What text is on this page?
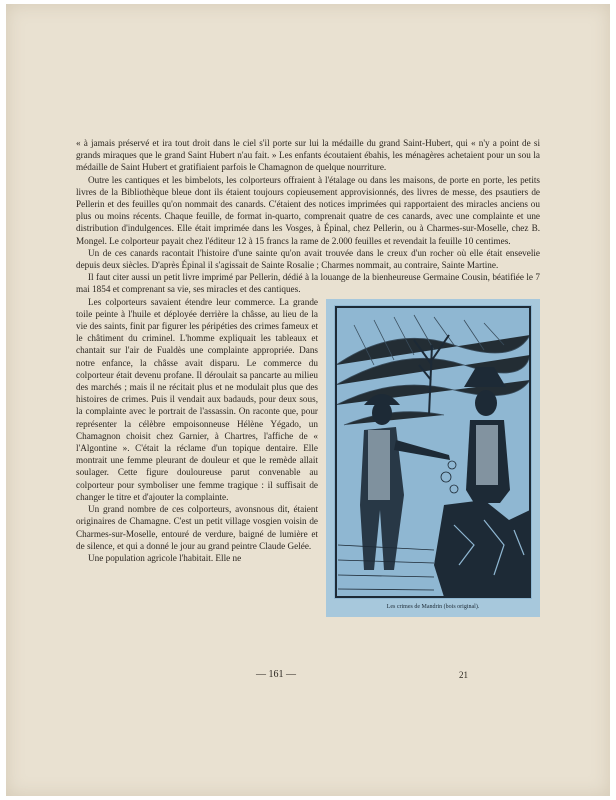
« à jamais préservé et ira tout droit dans le ciel s'il porte sur lui la médaille du grand Saint-Hubert, qui « n'y a point de si grands miraques que le grand Saint Hubert n'au fait. » Les enfants écoutaient ébahis, les ménagères achetaient pour un sou la médaille de Saint Hubert et gratifiaient parfois le Chamagnon de quelque nourriture.

Outre les cantiques et les bimbelots, les colporteurs offraient à l'étalage ou dans les maisons, de porte en porte, les petits livres de la Bibliothèque bleue dont ils étaient toujours copieusement approvisionnés, des livres de messe, des psautiers de Pellerin et des feuilles qu'on nommait des canards. C'étaient des notices imprimées qui rapportaient des miracles anciens ou plus ou moins récents. Chaque feuille, de format in-quarto, comprenait quatre de ces canards, avec une complainte et une distribution d'indulgences. Elle était imprimée dans les Vosges, à Épinal, chez Pellerin, ou à Charmes-sur-Moselle, chez B. Mongel. Le colporteur payait chez l'éditeur 12 à 15 francs la rame de 2.000 feuilles et revendait la feuille 10 centimes.

Un de ces canards racontait l'histoire d'une sainte qu'on avait trouvée dans le creux d'un rocher où elle était ensevelie depuis deux siècles. D'après Épinal il s'agissait de Sainte Rosalie ; Charmes nommait, au contraire, Sainte Martine.

Il faut citer aussi un petit livre imprimé par Pellerin, dédié à la louange de la bienheureuse Germaine Cousin, béatifiée le 7 mai 1854 et comprenant sa vie, ses miracles et des cantiques.

Les crimes de Mandrin (bois original).

Les colporteurs savaient étendre leur commerce. La grande toile peinte à l'huile et déployée derrière la châsse, au lieu de la vie des saints, finit par figurer les péripéties des crimes fameux et le châtiment du criminel. L'homme expliquait les tableaux et chantait sur l'air de Fualdès une complainte appropriée. Dans notre enfance, la châsse avait disparu. Le commerce du colporteur était devenu profane. Il déroulait sa pancarte au milieu des marchés ; mais il ne récitait plus et ne modulait plus que des histoires de crimes. Puis il vendait aux badauds, pour deux sous, la complainte avec le portrait de l'assassin. On raconte que, pour représenter la célèbre empoisonneuse Hélène Yégado, un Chamagnon choisit chez Garnier, à Chartres, l'affiche de « l'Algontine ». C'était la réclame d'un topique dentaire. Elle montrait une femme pleurant de douleur et que le remède allait soulager. Cette figure douloureuse parut convenable au colporteur pour symboliser une femme tragique : il suffisait de changer le titre et d'ajouter la complainte.

Un grand nombre de ces colporteurs, avonsnous dit, étaient originaires de Chamagne. C'est un petit village vosgien voisin de Charmes-sur-Moselle, entouré de verdure, baigné de lumière et de silence, et qui a donné le jour au grand peintre Claude Gelée.

Une population agricole l'habitait. Elle ne

— 161 —	21
